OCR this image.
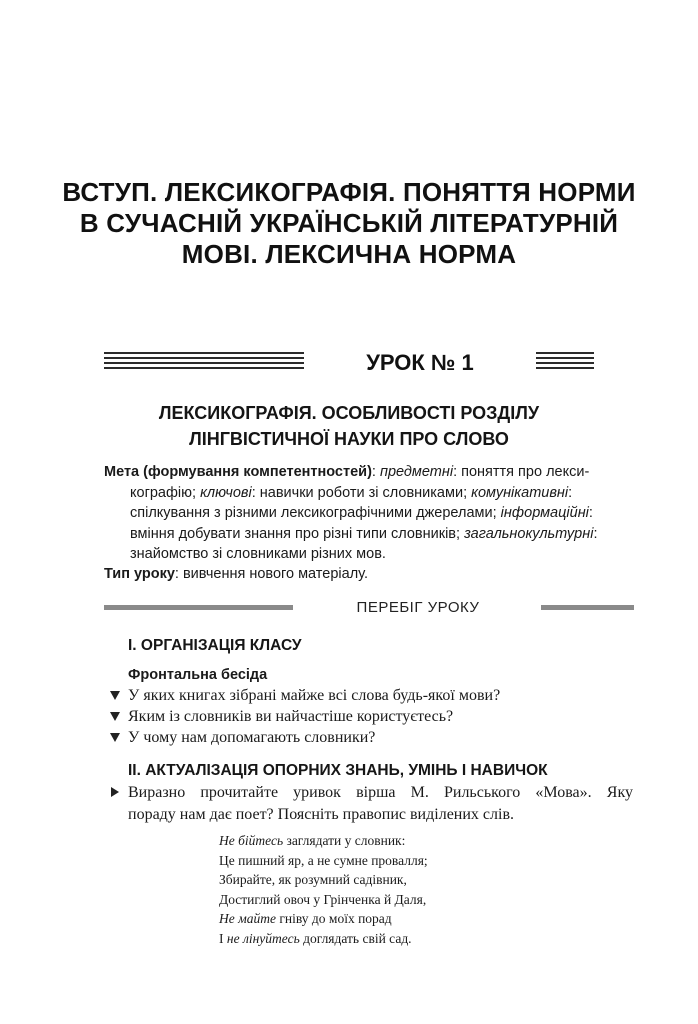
ВСТУП. ЛЕКСИКОГРАФІЯ. ПОНЯТТЯ НОРМИ
В СУЧАСНІЙ УКРАЇНСЬКІЙ ЛІТЕРАТУРНІЙ
МОВІ. ЛЕКСИЧНА НОРМА
УРОК № 1
ЛЕКСИКОГРАФІЯ. ОСОБЛИВОСТІ РОЗДІЛУ
ЛІНГВІСТИЧНОЇ НАУКИ ПРО СЛОВО
Мета (формування компетентностей): предметні: поняття про лекси-
кографію; ключові: навички роботи зі словниками; комунікативні:
спілкування з різними лексикографічними джерелами; інформаційні:
вміння добувати знання про різні типи словників; загальнокультурні:
знайомство зі словниками різних мов.
Тип уроку: вивчення нового матеріалу.
ПЕРЕБІГ УРОКУ
І. ОРГАНІЗАЦІЯ КЛАСУ
Фронтальна бесіда
У яких книгах зібрані майже всі слова будь-якої мови?
Яким із словників ви найчастіше користуєтесь?
У чому нам допомагають словники?
ІІ. АКТУАЛІЗАЦІЯ ОПОРНИХ ЗНАНЬ, УМІНЬ І НАВИЧОК
Виразно прочитайте уривок вірша М. Рильського «Мова». Яку
пораду нам дає поет? Поясніть правопис виділених слів.
Не бійтесь заглядати у словник:
Це пишний яр, а не сумне провалля;
Збирайте, як розумний садівник,
Достиглий овоч у Грінченка й Даля,
Не майте гніву до моїх порад
І не лінуйтесь доглядать свій сад.
